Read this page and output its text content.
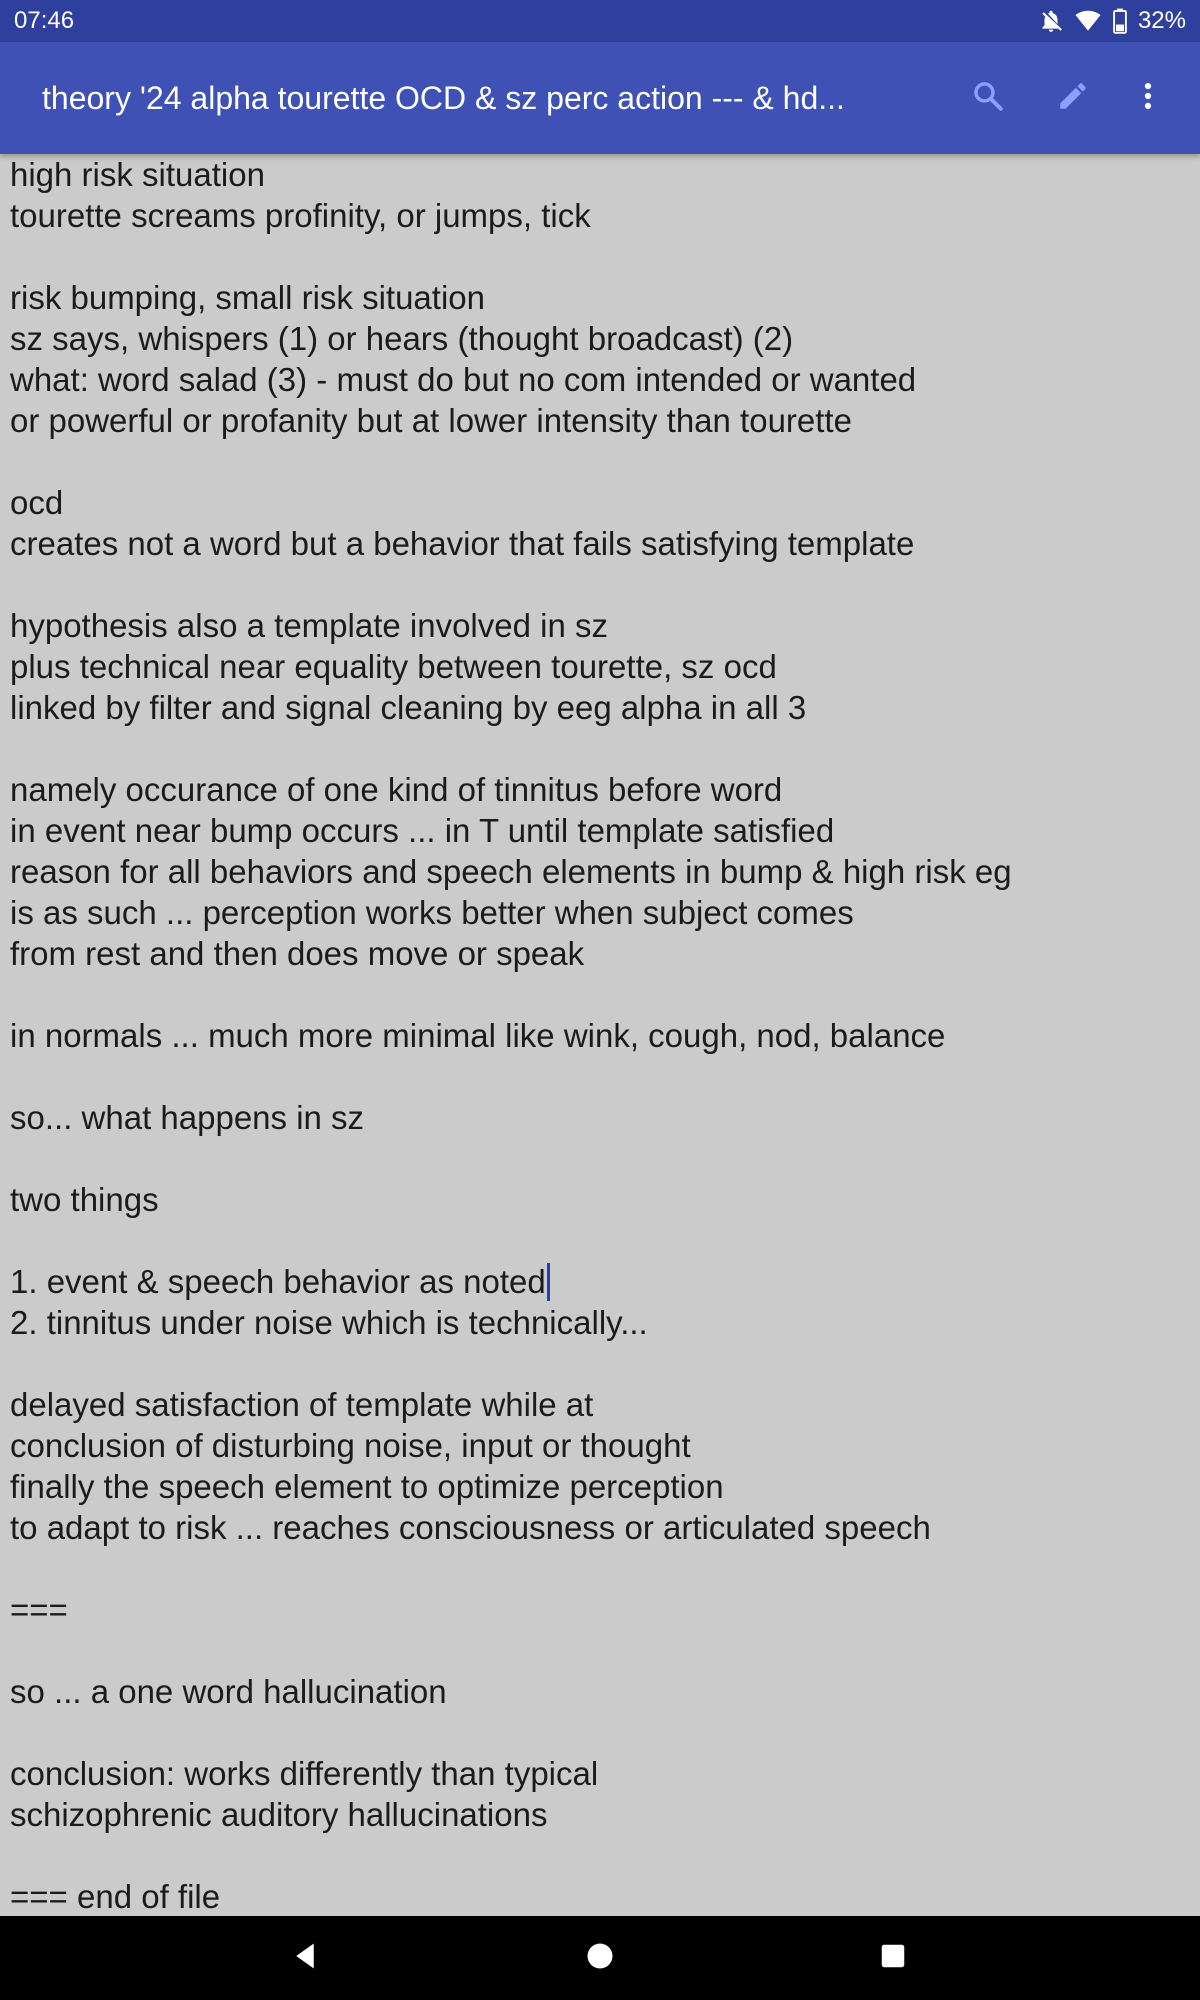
07:46	32%
theory '24 alpha tourette OCD & sz perc action --- & hd...
high risk situation
tourette screams profinity, or jumps, tick
risk bumping, small risk situation
sz says, whispers (1) or hears (thought broadcast) (2)
what: word salad (3) - must do but no com intended or wanted
or powerful or profanity but at lower intensity than tourette
ocd
creates not a word but a behavior that fails satisfying template
hypothesis also a template involved in sz
plus technical near equality between tourette, sz ocd
linked by filter and signal cleaning by eeg alpha in all 3
namely occurance of one kind of tinnitus before word
in event near bump occurs ... in T until template satisfied
reason for all behaviors and speech elements in bump & high risk eg
is as such ... perception works better when subject comes
from rest and then does move or speak
in normals ... much more minimal like wink, cough, nod, balance
so... what happens in sz
two things
1. event & speech behavior as noted
2. tinnitus under noise which is technically...
delayed satisfaction of template while at
conclusion of disturbing noise, input or thought
finally the speech element to optimize perception
to adapt to risk ... reaches consciousness or articulated speech
===
so ... a one word hallucination
conclusion: works differently than typical
schizophrenic auditory hallucinations
=== end of file
